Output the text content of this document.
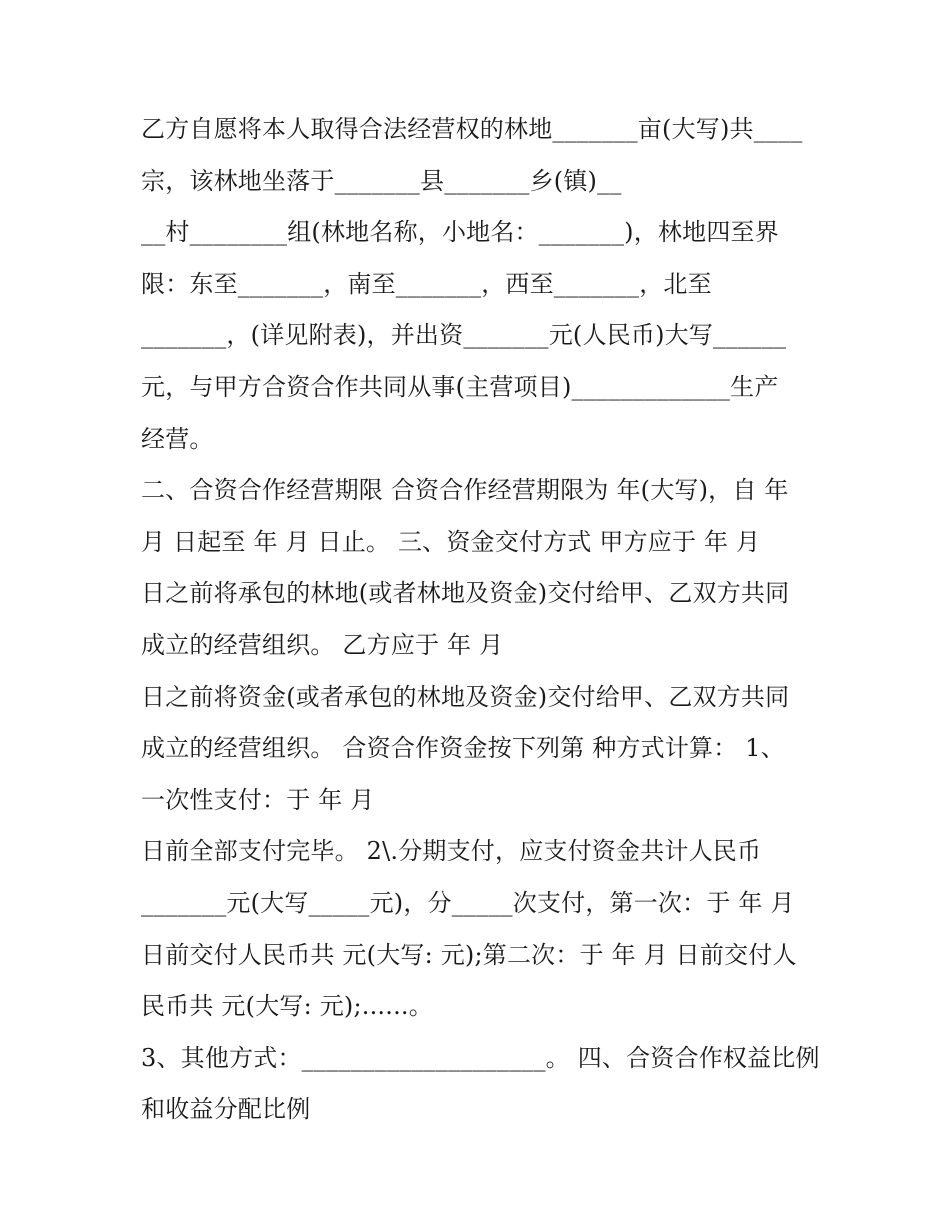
乙方自愿将本人取得合法经营权的林地_______亩(大写)共____
宗，该林地坐落于_______县_______乡(镇)__
__村________组(林地名称，小地名：_______)，林地四至界
限：东至_______，南至_______，西至_______，北至
_______，(详见附表)，并出资_______元(人民币)大写______
元，与甲方合资合作共同从事(主营项目)_____________生产
经营。
二、合资合作经营期限 合资合作经营期限为 年(大写)，自 年
月 日起至 年 月 日止。 三、资金交付方式 甲方应于 年 月
日之前将承包的林地(或者林地及资金)交付给甲、乙双方共同
成立的经营组织。 乙方应于 年 月
日之前将资金(或者承包的林地及资金)交付给甲、乙双方共同
成立的经营组织。 合资合作资金按下列第 种方式计算： 1、
一次性支付：于 年 月
日前全部支付完毕。 2\.分期支付，应支付资金共计人民币
_______元(大写_____元)，分_____次支付，第一次：于 年 月
日前交付人民币共 元(大写: 元);第二次：于 年 月 日前交付人
民币共 元(大写: 元);......。
3、其他方式：____________________。 四、合资合作权益比例
和收益分配比例
